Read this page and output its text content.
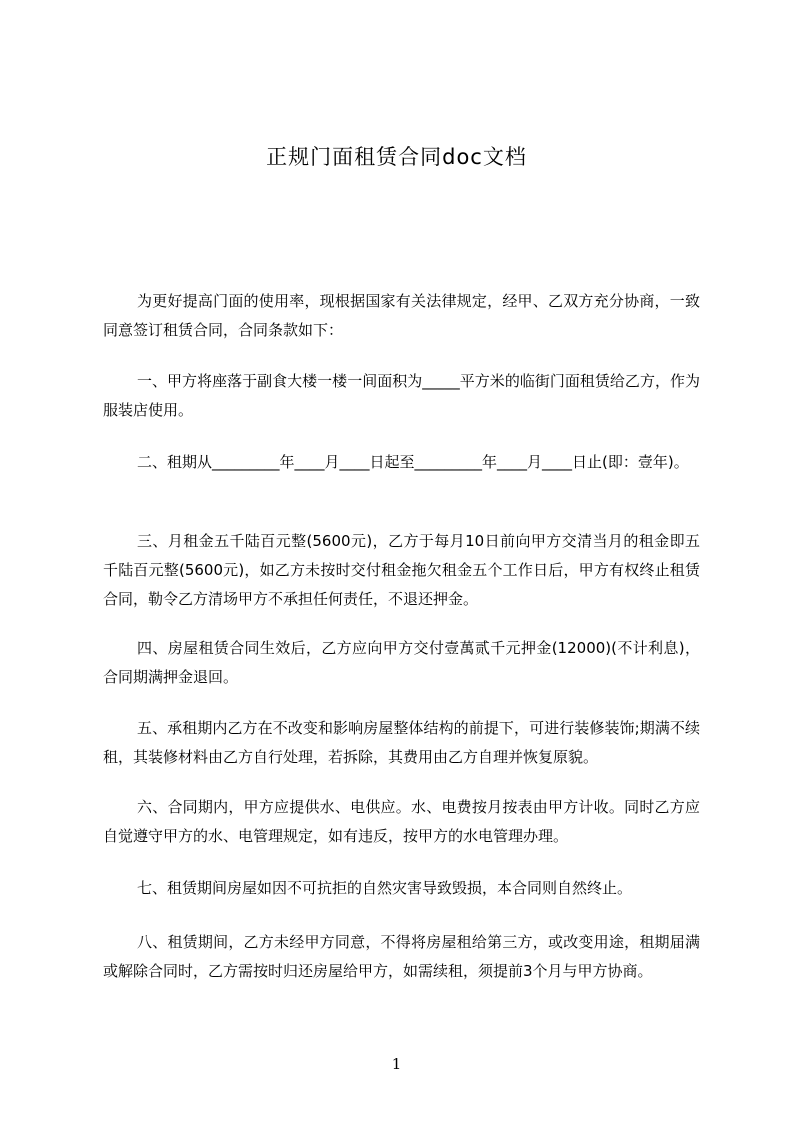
正规门面租赁合同doc文档

为更好提高门面的使用率，现根据国家有关法律规定，经甲、乙双方充分协商，一致同意签订租赁合同，合同条款如下：

一、甲方将座落于副食大楼一楼一间面积为_____平方米的临街门面租赁给乙方，作为服装店使用。

二、租期从_________年____月____日起至_________年____月____日止(即：壹年)。

三、月租金五千陆百元整(5600元)，乙方于每月10日前向甲方交清当月的租金即五千陆百元整(5600元)，如乙方未按时交付租金拖欠租金五个工作日后，甲方有权终止租赁合同，勒令乙方清场甲方不承担任何责任，不退还押金。

四、房屋租赁合同生效后，乙方应向甲方交付壹萬贰千元押金(12000)(不计利息)，合同期满押金退回。

五、承租期内乙方在不改变和影响房屋整体结构的前提下，可进行装修装饰;期满不续租，其装修材料由乙方自行处理，若拆除，其费用由乙方自理并恢复原貌。

六、合同期内，甲方应提供水、电供应。水、电费按月按表由甲方计收。同时乙方应自觉遵守甲方的水、电管理规定，如有违反，按甲方的水电管理办理。

七、租赁期间房屋如因不可抗拒的自然灾害导致毁损，本合同则自然终止。

八、租赁期间，乙方未经甲方同意，不得将房屋租给第三方，或改变用途，租期届满或解除合同时，乙方需按时归还房屋给甲方，如需续租，须提前3个月与甲方协商。

1
